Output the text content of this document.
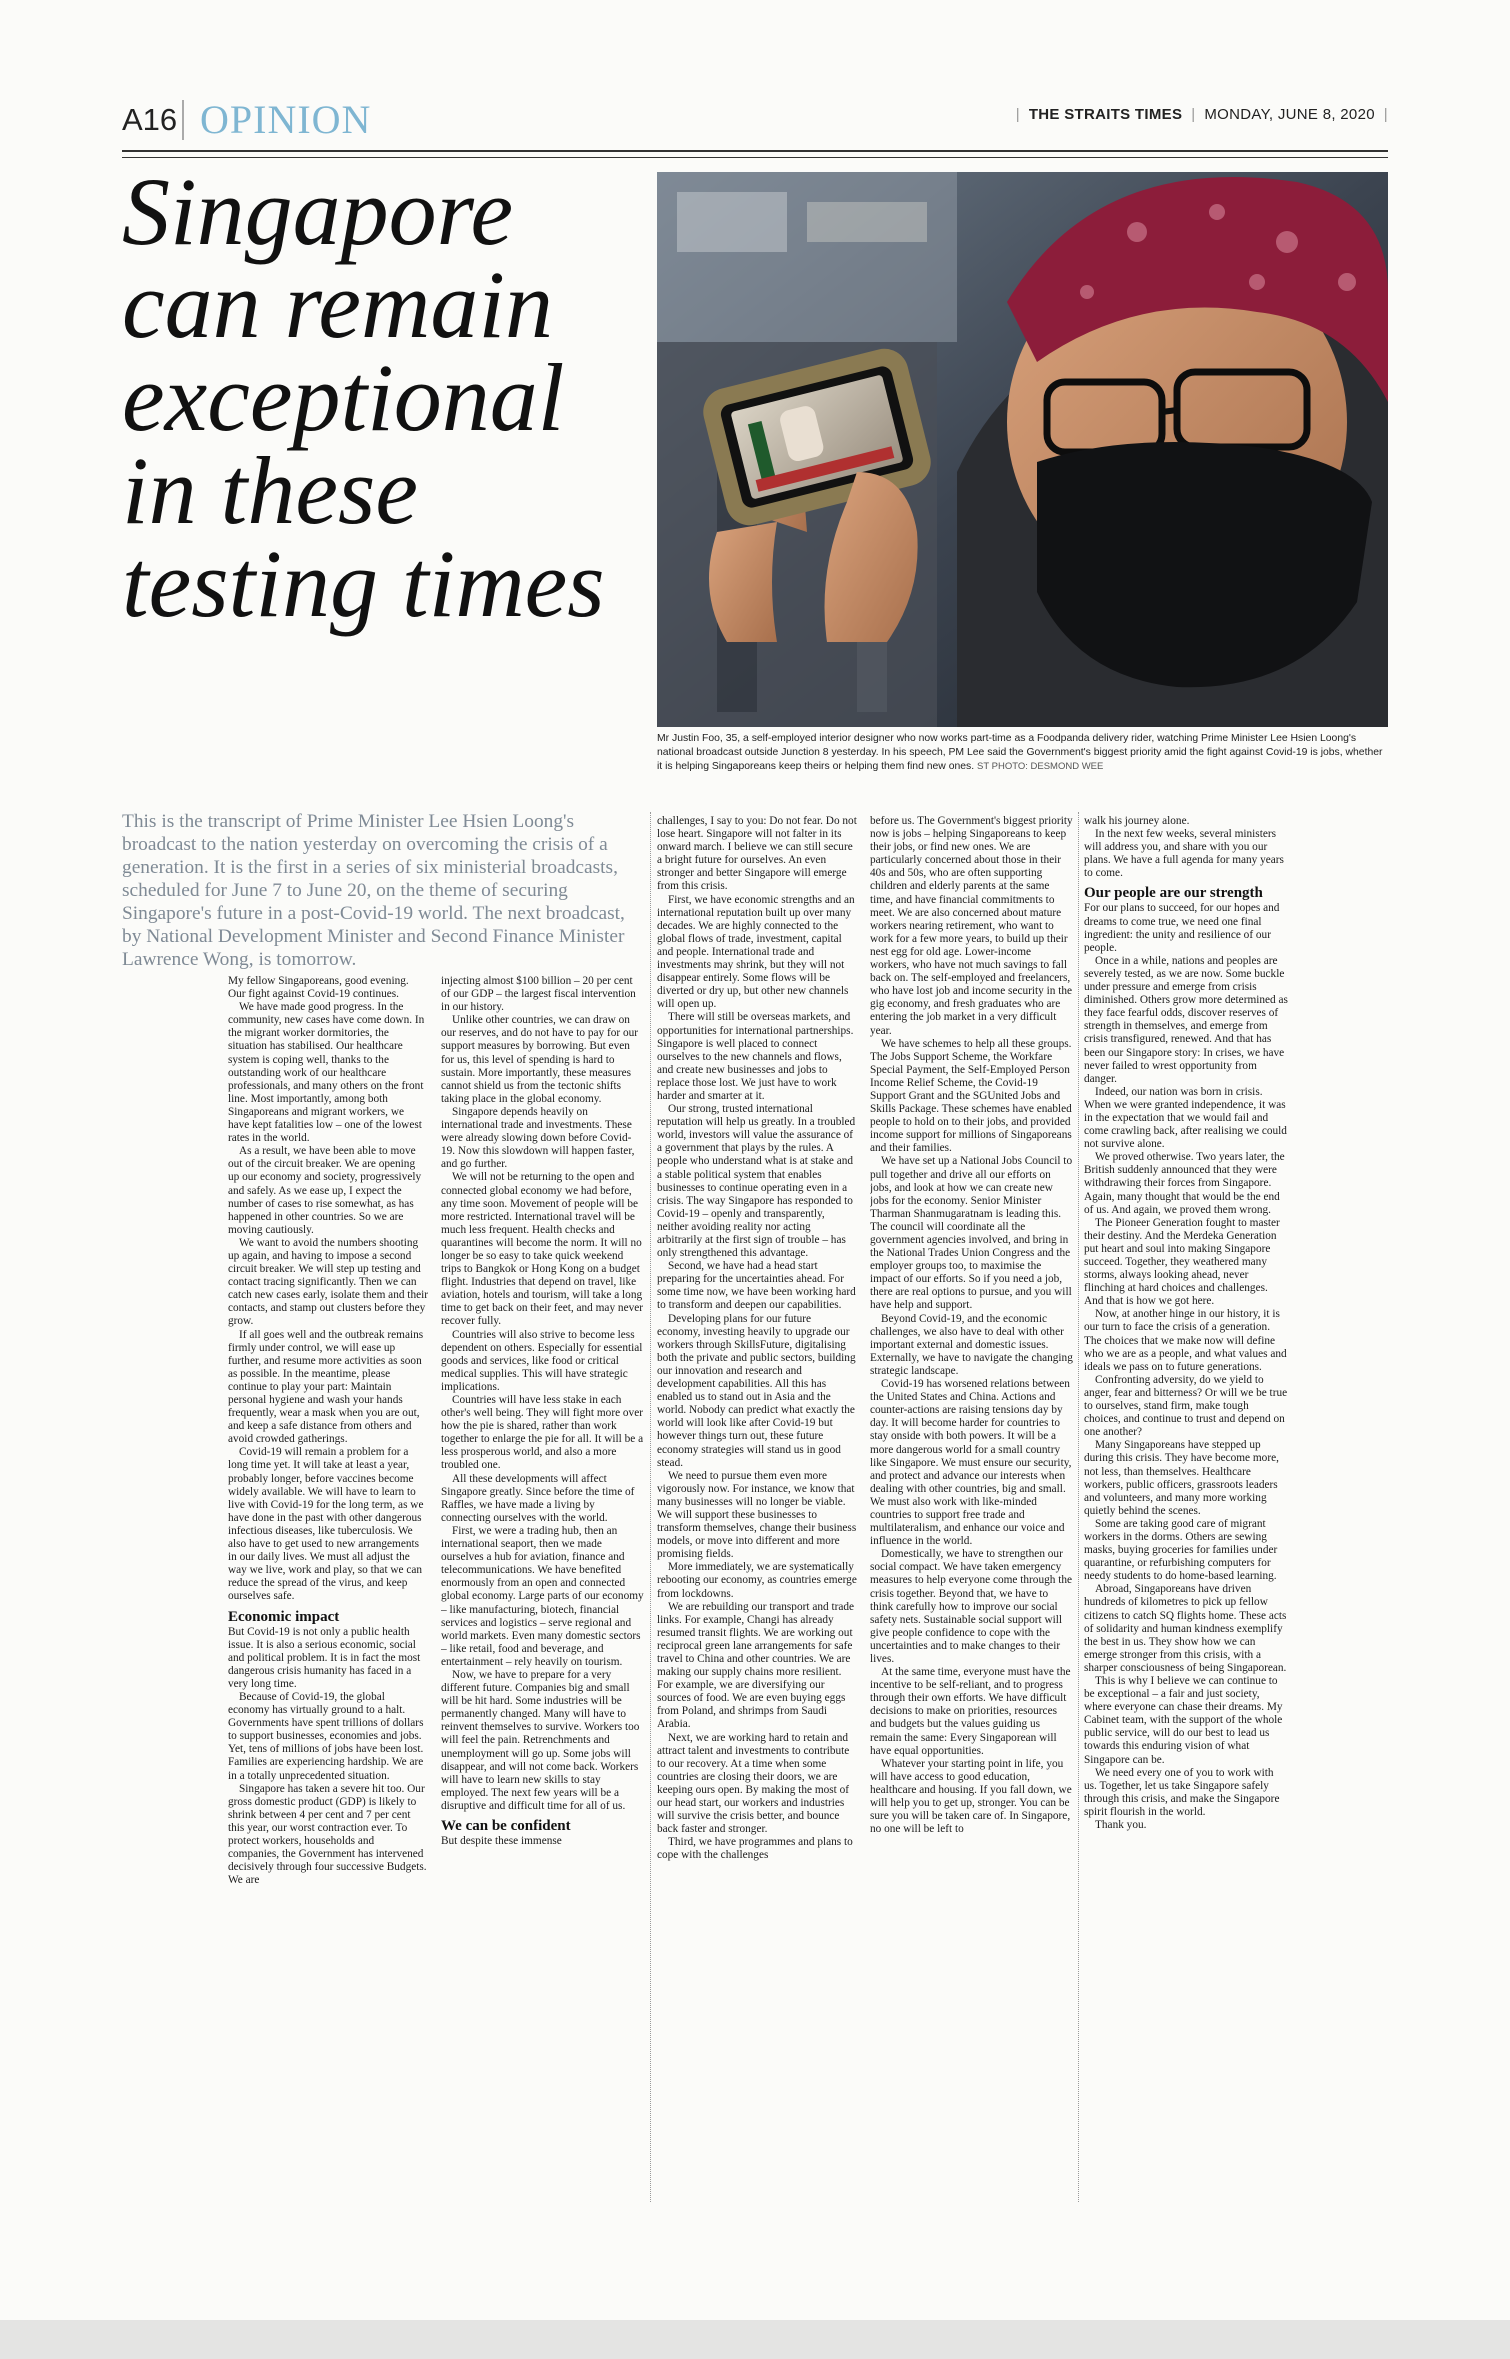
A16 OPINION	|  THE STRAITS TIMES  |  MONDAY, JUNE 8, 2020  |
Singapore can remain exceptional in these testing times

Mr Justin Foo, 35, a self-employed interior designer who now works part-time as a Foodpanda delivery rider, watching Prime Minister Lee Hsien Loong's national broadcast outside Junction 8 yesterday. In his speech, PM Lee said the Government's biggest priority amid the fight against Covid-19 is jobs, whether it is helping Singaporeans keep theirs or helping them find new ones. ST PHOTO: DESMOND WEE

This is the transcript of Prime Minister Lee Hsien Loong's broadcast to the nation yesterday on overcoming the crisis of a generation. It is the first in a series of six ministerial broadcasts, scheduled for June 7 to June 20, on the theme of securing Singapore's future in a post-Covid-19 world. The next broadcast, by National Development Minister and Second Finance Minister Lawrence Wong, is tomorrow.

My fellow Singaporeans, good evening. Our fight against Covid-19 continues.

We have made good progress. In the community, new cases have come down. In the migrant worker dormitories, the situation has stabilised. Our healthcare system is coping well, thanks to the outstanding work of our healthcare professionals, and many others on the front line. Most importantly, among both Singaporeans and migrant workers, we have kept fatalities low – one of the lowest rates in the world.

As a result, we have been able to move out of the circuit breaker. We are opening up our economy and society, progressively and safely. As we ease up, I expect the number of cases to rise somewhat, as has happened in other countries. So we are moving cautiously.

We want to avoid the numbers shooting up again, and having to impose a second circuit breaker. We will step up testing and contact tracing significantly. Then we can catch new cases early, isolate them and their contacts, and stamp out clusters before they grow.

If all goes well and the outbreak remains firmly under control, we will ease up further, and resume more activities as soon as possible. In the meantime, please continue to play your part: Maintain personal hygiene and wash your hands frequently, wear a mask when you are out, and keep a safe distance from others and avoid crowded gatherings.

Covid-19 will remain a problem for a long time yet. It will take at least a year, probably longer, before vaccines become widely available. We will have to learn to live with Covid-19 for the long term, as we have done in the past with other dangerous infectious diseases, like tuberculosis. We also have to get used to new arrangements in our daily lives. We must all adjust the way we live, work and play, so that we can reduce the spread of the virus, and keep ourselves safe.

Economic impact

But Covid-19 is not only a public health issue. It is also a serious economic, social and political problem. It is in fact the most dangerous crisis humanity has faced in a very long time.

Because of Covid-19, the global economy has virtually ground to a halt. Governments have spent trillions of dollars to support businesses, economies and jobs. Yet, tens of millions of jobs have been lost. Families are experiencing hardship. We are in a totally unprecedented situation.

Singapore has taken a severe hit too. Our gross domestic product (GDP) is likely to shrink between 4 per cent and 7 per cent this year, our worst contraction ever. To protect workers, households and companies, the Government has intervened decisively through four successive Budgets. We are

injecting almost $100 billion – 20 per cent of our GDP – the largest fiscal intervention in our history.

Unlike other countries, we can draw on our reserves, and do not have to pay for our support measures by borrowing. But even for us, this level of spending is hard to sustain. More importantly, these measures cannot shield us from the tectonic shifts taking place in the global economy.

Singapore depends heavily on international trade and investments. These were already slowing down before Covid-19. Now this slowdown will happen faster, and go further.

We will not be returning to the open and connected global economy we had before, any time soon. Movement of people will be more restricted. International travel will be much less frequent. Health checks and quarantines will become the norm. It will no longer be so easy to take quick weekend trips to Bangkok or Hong Kong on a budget flight. Industries that depend on travel, like aviation, hotels and tourism, will take a long time to get back on their feet, and may never recover fully.

Countries will also strive to become less dependent on others. Especially for essential goods and services, like food or critical medical supplies. This will have strategic implications.

Countries will have less stake in each other's well being. They will fight more over how the pie is shared, rather than work together to enlarge the pie for all. It will be a less prosperous world, and also a more troubled one.

All these developments will affect Singapore greatly. Since before the time of Raffles, we have made a living by connecting ourselves with the world.

First, we were a trading hub, then an international seaport, then we made ourselves a hub for aviation, finance and telecommunications. We have benefited enormously from an open and connected global economy. Large parts of our economy – like manufacturing, biotech, financial services and logistics – serve regional and world markets. Even many domestic sectors – like retail, food and beverage, and entertainment – rely heavily on tourism.

Now, we have to prepare for a very different future. Companies big and small will be hit hard. Some industries will be permanently changed. Many will have to reinvent themselves to survive. Workers too will feel the pain. Retrenchments and unemployment will go up. Some jobs will disappear, and will not come back. Workers will have to learn new skills to stay employed. The next few years will be a disruptive and difficult time for all of us.

We can be confident

But despite these immense

challenges, I say to you: Do not fear. Do not lose heart. Singapore will not falter in its onward march. I believe we can still secure a bright future for ourselves. An even stronger and better Singapore will emerge from this crisis.

First, we have economic strengths and an international reputation built up over many decades. We are highly connected to the global flows of trade, investment, capital and people. International trade and investments may shrink, but they will not disappear entirely. Some flows will be diverted or dry up, but other new channels will open up.

There will still be overseas markets, and opportunities for international partnerships. Singapore is well placed to connect ourselves to the new channels and flows, and create new businesses and jobs to replace those lost. We just have to work harder and smarter at it.

Our strong, trusted international reputation will help us greatly. In a troubled world, investors will value the assurance of a government that plays by the rules. A people who understand what is at stake and a stable political system that enables businesses to continue operating even in a crisis. The way Singapore has responded to Covid-19 – openly and transparently, neither avoiding reality nor acting arbitrarily at the first sign of trouble – has only strengthened this advantage.

Second, we have had a head start preparing for the uncertainties ahead. For some time now, we have been working hard to transform and deepen our capabilities.

Developing plans for our future economy, investing heavily to upgrade our workers through SkillsFuture, digitalising both the private and public sectors, building our innovation and research and development capabilities. All this has enabled us to stand out in Asia and the world. Nobody can predict what exactly the world will look like after Covid-19 but however things turn out, these future economy strategies will stand us in good stead.

We need to pursue them even more vigorously now. For instance, we know that many businesses will no longer be viable. We will support these businesses to transform themselves, change their business models, or move into different and more promising fields.

More immediately, we are systematically rebooting our economy, as countries emerge from lockdowns.

We are rebuilding our transport and trade links. For example, Changi has already resumed transit flights. We are working out reciprocal green lane arrangements for safe travel to China and other countries. We are making our supply chains more resilient. For example, we are diversifying our sources of food. We are even buying eggs from Poland, and shrimps from Saudi Arabia.

Next, we are working hard to retain and attract talent and investments to contribute to our recovery. At a time when some countries are closing their doors, we are keeping ours open. By making the most of our head start, our workers and industries will survive the crisis better, and bounce back faster and stronger.

Third, we have programmes and plans to cope with the challenges

before us. The Government's biggest priority now is jobs – helping Singaporeans to keep their jobs, or find new ones. We are particularly concerned about those in their 40s and 50s, who are often supporting children and elderly parents at the same time, and have financial commitments to meet. We are also concerned about mature workers nearing retirement, who want to work for a few more years, to build up their nest egg for old age. Lower-income workers, who have not much savings to fall back on. The self-employed and freelancers, who have lost job and income security in the gig economy, and fresh graduates who are entering the job market in a very difficult year.

We have schemes to help all these groups. The Jobs Support Scheme, the Workfare Special Payment, the Self-Employed Person Income Relief Scheme, the Covid-19 Support Grant and the SGUnited Jobs and Skills Package. These schemes have enabled people to hold on to their jobs, and provided income support for millions of Singaporeans and their families.

We have set up a National Jobs Council to pull together and drive all our efforts on jobs, and look at how we can create new jobs for the economy. Senior Minister Tharman Shanmugaratnam is leading this. The council will coordinate all the government agencies involved, and bring in the National Trades Union Congress and the employer groups too, to maximise the impact of our efforts. So if you need a job, there are real options to pursue, and you will have help and support.

Beyond Covid-19, and the economic challenges, we also have to deal with other important external and domestic issues. Externally, we have to navigate the changing strategic landscape.

Covid-19 has worsened relations between the United States and China. Actions and counter-actions are raising tensions day by day. It will become harder for countries to stay onside with both powers. It will be a more dangerous world for a small country like Singapore. We must ensure our security, and protect and advance our interests when dealing with other countries, big and small. We must also work with like-minded countries to support free trade and multilateralism, and enhance our voice and influence in the world.

Domestically, we have to strengthen our social compact. We have taken emergency measures to help everyone come through the crisis together. Beyond that, we have to think carefully how to improve our social safety nets. Sustainable social support will give people confidence to cope with the uncertainties and to make changes to their lives.

At the same time, everyone must have the incentive to be self-reliant, and to progress through their own efforts. We have difficult decisions to make on priorities, resources and budgets but the values guiding us remain the same: Every Singaporean will have equal opportunities.

Whatever your starting point in life, you will have access to good education, healthcare and housing. If you fall down, we will help you to get up, stronger. You can be sure you will be taken care of. In Singapore, no one will be left to

walk his journey alone.

In the next few weeks, several ministers will address you, and share with you our plans. We have a full agenda for many years to come.

Our people are our strength

For our plans to succeed, for our hopes and dreams to come true, we need one final ingredient: the unity and resilience of our people.

Once in a while, nations and peoples are severely tested, as we are now. Some buckle under pressure and emerge from crisis diminished. Others grow more determined as they face fearful odds, discover reserves of strength in themselves, and emerge from crisis transfigured, renewed. And that has been our Singapore story: In crises, we have never failed to wrest opportunity from danger.

Indeed, our nation was born in crisis. When we were granted independence, it was in the expectation that we would fail and come crawling back, after realising we could not survive alone.

We proved otherwise. Two years later, the British suddenly announced that they were withdrawing their forces from Singapore. Again, many thought that would be the end of us. And again, we proved them wrong.

The Pioneer Generation fought to master their destiny. And the Merdeka Generation put heart and soul into making Singapore succeed. Together, they weathered many storms, always looking ahead, never flinching at hard choices and challenges. And that is how we got here.

Now, at another hinge in our history, it is our turn to face the crisis of a generation. The choices that we make now will define who we are as a people, and what values and ideals we pass on to future generations.

Confronting adversity, do we yield to anger, fear and bitterness? Or will we be true to ourselves, stand firm, make tough choices, and continue to trust and depend on one another?

Many Singaporeans have stepped up during this crisis. They have become more, not less, than themselves. Healthcare workers, public officers, grassroots leaders and volunteers, and many more working quietly behind the scenes.

Some are taking good care of migrant workers in the dorms. Others are sewing masks, buying groceries for families under quarantine, or refurbishing computers for needy students to do home-based learning.

Abroad, Singaporeans have driven hundreds of kilometres to pick up fellow citizens to catch SQ flights home. These acts of solidarity and human kindness exemplify the best in us. They show how we can emerge stronger from this crisis, with a sharper consciousness of being Singaporean.

This is why I believe we can continue to be exceptional – a fair and just society, where everyone can chase their dreams. My Cabinet team, with the support of the whole public service, will do our best to lead us towards this enduring vision of what Singapore can be.

We need every one of you to work with us. Together, let us take Singapore safely through this crisis, and make the Singapore spirit flourish in the world.

Thank you.
